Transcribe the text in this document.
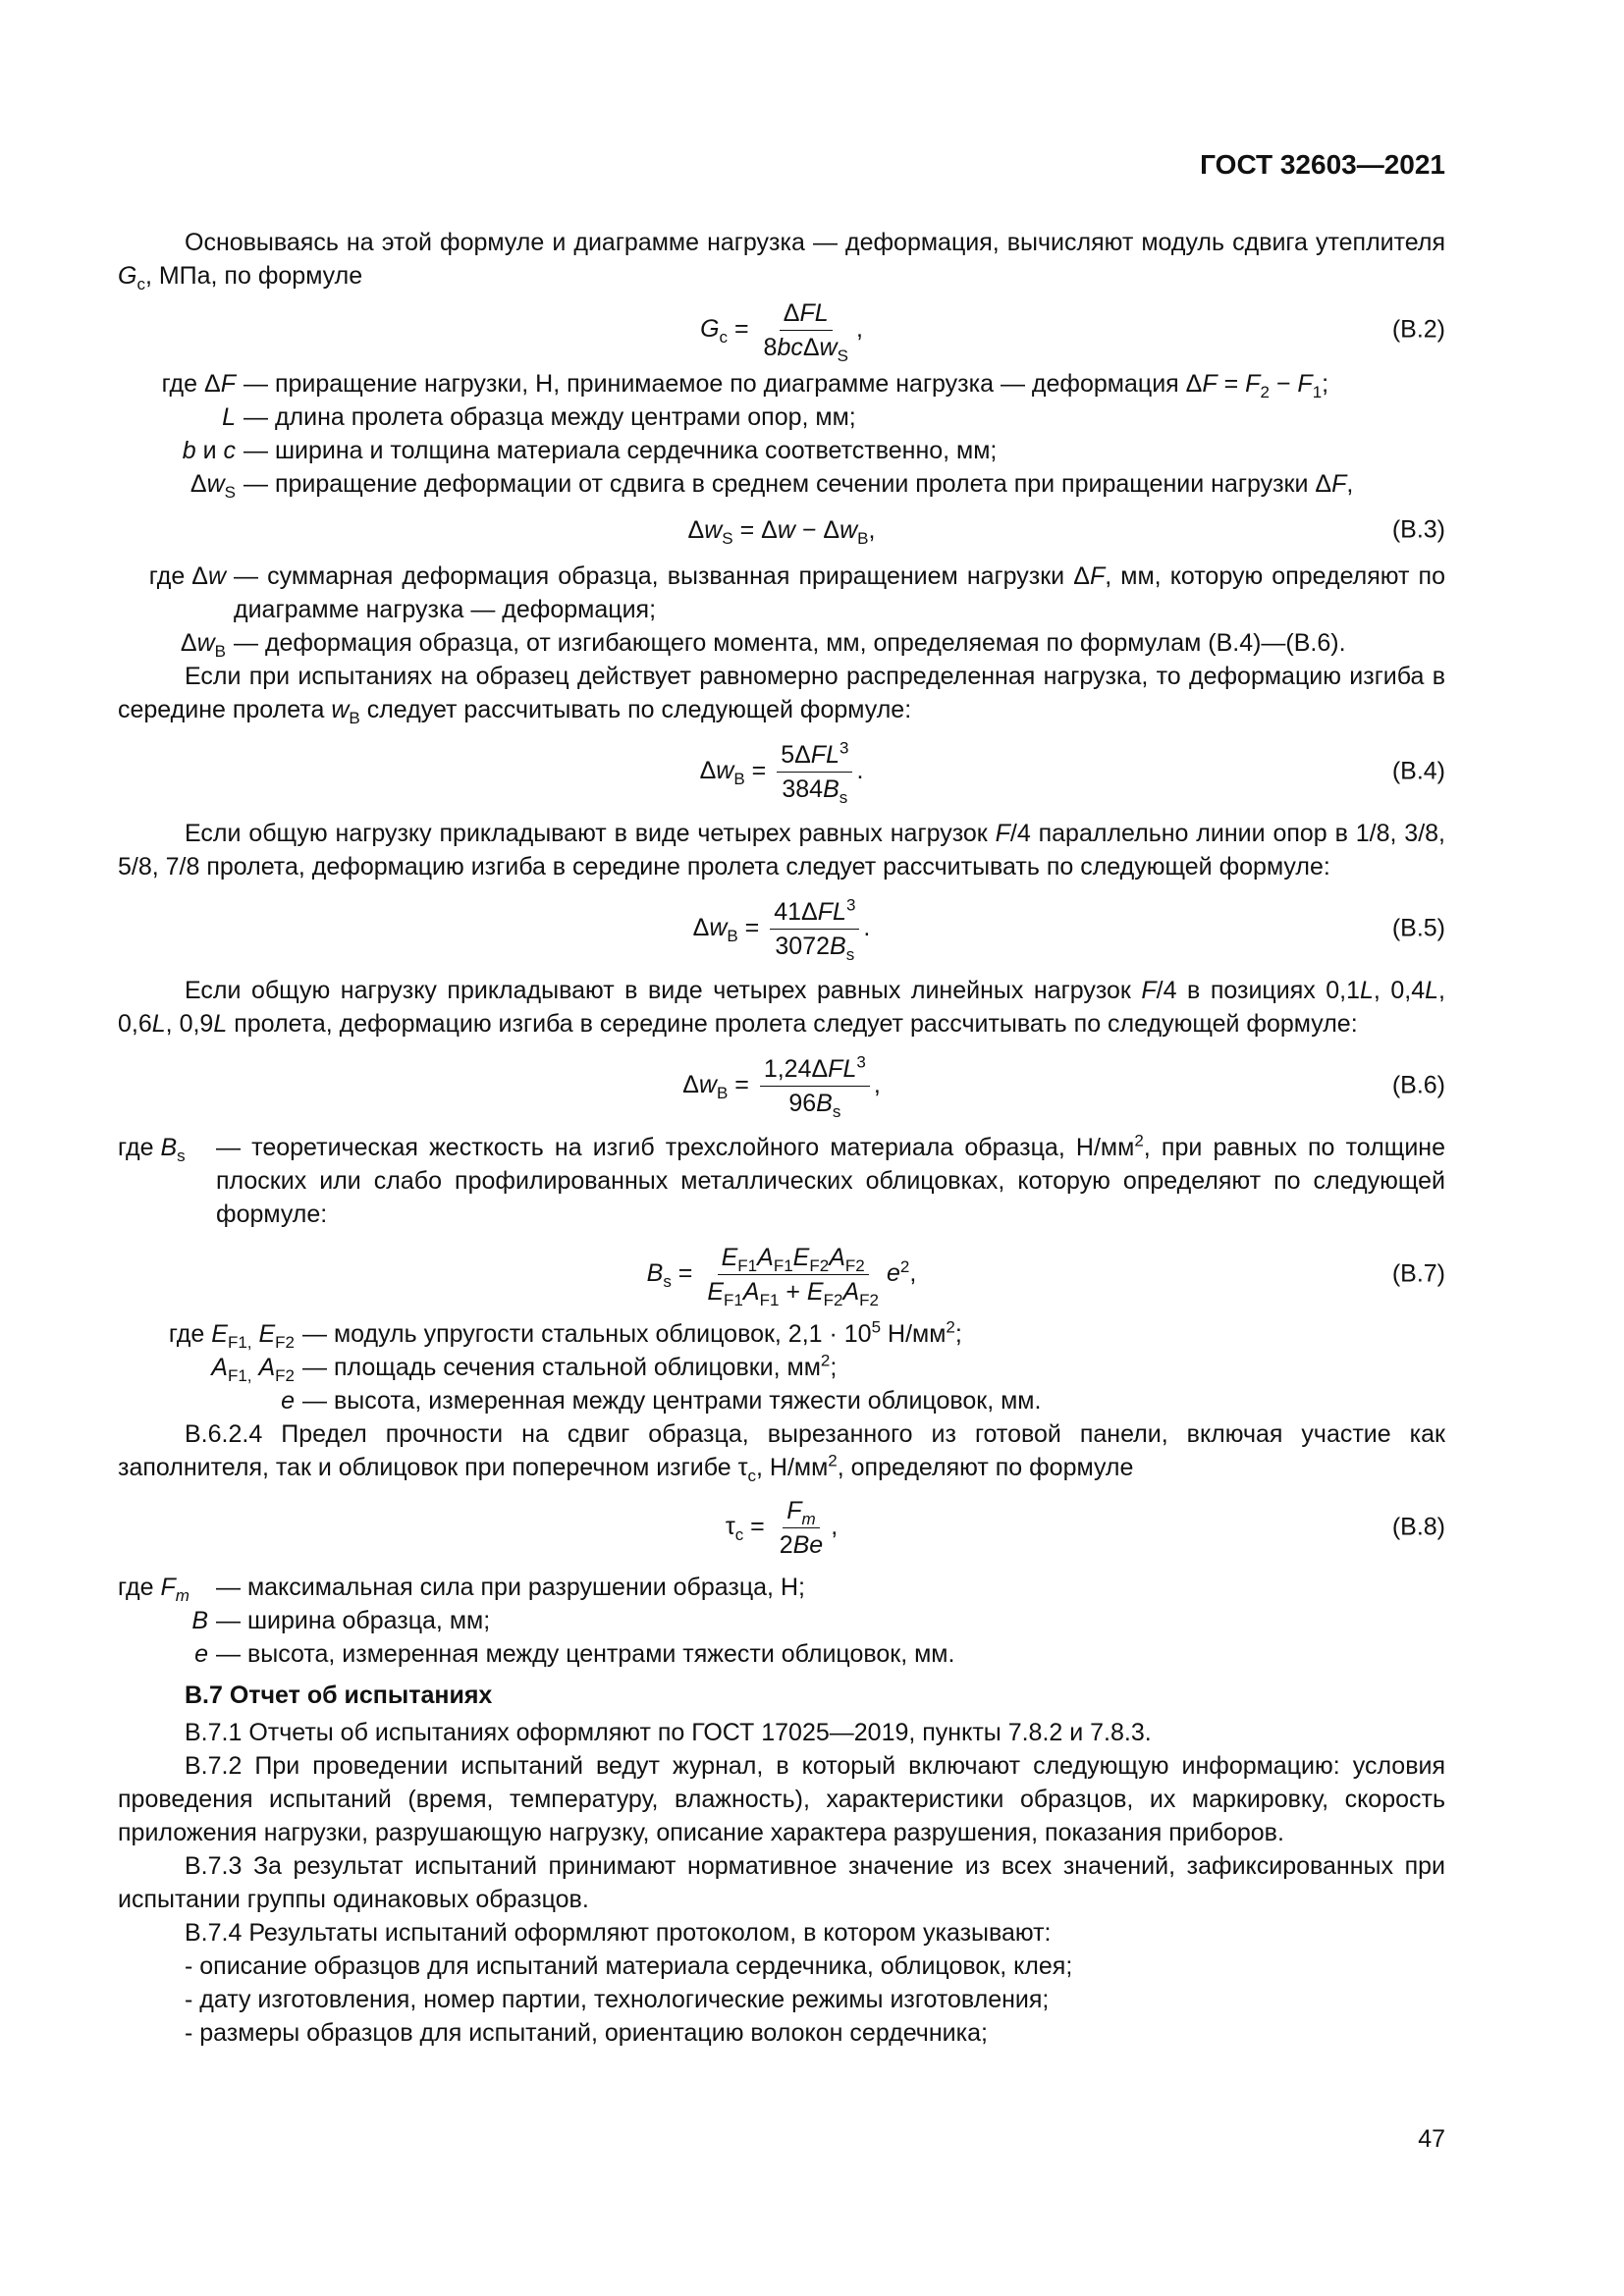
ГОСТ 32603—2021

Основываясь на этой формуле и диаграмме нагрузка — деформация, вычисляют модуль сдвига утеплителя $G_c$, МПа, по формуле

$G_c = \frac{\text{ΔFL}}{8bc\Delta w_S}$ ,	(В.2)
где ΔF — приращение нагрузки, Н, принимаемое по диаграмме нагрузка — деформация $\Delta F = F_2 - F_1$;
L — длина пролета образца между центрами опор, мм;
b и c — ширина и толщина материала сердечника соответственно, мм;
$\Delta w_S$ — приращение деформации от сдвига в среднем сечении пролета при приращении нагрузки ΔF,
$\Delta w_S = \Delta w - \Delta w_B$,	(В.3)
где Δw — суммарная деформация образца, вызванная приращением нагрузки ΔF, мм, которую определяют по диаграмме нагрузка — деформация;
$\Delta w_B$ — деформация образца, от изгибающего момента, мм, определяемая по формулам (В.4)—(В.6).

Если при испытаниях на образец действует равномерно распределенная нагрузка, то деформацию изгиба в середине пролета $w_B$ следует рассчитывать по следующей формуле:

$\Delta w_B = \frac{5\Delta FL^3}{384B_s}$ .	(В.4)

Если общую нагрузку прикладывают в виде четырех равных нагрузок F/4 параллельно линии опор в 1/8, 3/8, 5/8, 7/8 пролета, деформацию изгиба в середине пролета следует рассчитывать по следующей формуле:

$\Delta w_B = \frac{41\Delta FL^3}{3072B_s}$ .	(В.5)

Если общую нагрузку прикладывают в виде четырех равных линейных нагрузок F/4 в позициях 0,1L, 0,4L, 0,6L, 0,9L пролета, деформацию изгиба в середине пролета следует рассчитывать по следующей формуле:

$\Delta w_B = \frac{1,24\Delta FL^3}{96B_s}$ ,	(В.6)
где $B_s$	— теоретическая жесткость на изгиб трехслойного материала образца, $Н/мм^2$, при равных по толщине плоских или слабо профилированных металлических облицовках, которую определяют по следующей формуле:
$B_s = \frac{E_{F1}A_{F1}E_{F2}A_{F2}}{E_{F1}A_{F1} + E_{F2}A_{F2}} e^2$,	(В.7)
где $E_{F1,}$ $E_{F2}$ — модуль упругости стальных облицовок, $2,1 \cdot 10^5$ $Н/мм^2$;
$A_{F1,}$ $A_{F2}$ — площадь сечения стальной облицовки, $мм^2$;
e — высота, измеренная между центрами тяжести облицовок, мм.

В.6.2.4 Предел прочности на сдвиг образца, вырезанного из готовой панели, включая участие как заполнителя, так и облицовок при поперечном изгибе $\tau_c$, $Н/мм^2$, определяют по формуле

$\tau_c = \frac{F_m}{2Be}$ ,	(В.8)
где $F_m$	— максимальная сила при разрушении образца, Н;
B — ширина образца, мм;
e — высота, измеренная между центрами тяжести облицовок, мм.
В.7 Отчет об испытаниях

В.7.1 Отчеты об испытаниях оформляют по ГОСТ 17025—2019, пункты 7.8.2 и 7.8.3.

В.7.2 При проведении испытаний ведут журнал, в который включают следующую информацию: условия проведения испытаний (время, температуру, влажность), характеристики образцов, их маркировку, скорость приложения нагрузки, разрушающую нагрузку, описание характера разрушения, показания приборов.

В.7.3 За результат испытаний принимают нормативное значение из всех значений, зафиксированных при испытании группы одинаковых образцов.

В.7.4 Результаты испытаний оформляют протоколом, в котором указывают:

- описание образцов для испытаний материала сердечника, облицовок, клея;

- дату изготовления, номер партии, технологические режимы изготовления;

- размеры образцов для испытаний, ориентацию волокон сердечника;

47
